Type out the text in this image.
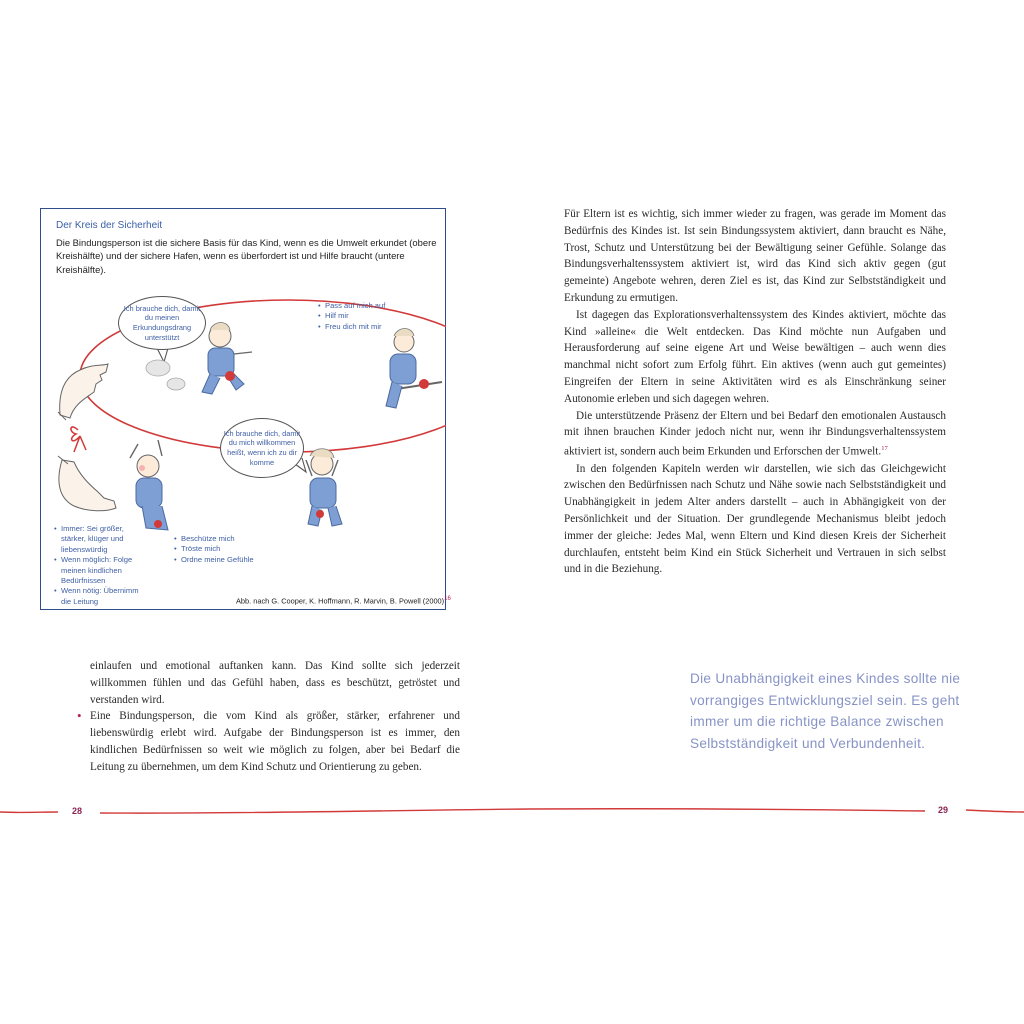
Der Kreis der Sicherheit
Die Bindungsperson ist die sichere Basis für das Kind, wenn es die Umwelt erkundet (obere Kreishälfte) und der sichere Hafen, wenn es überfordert ist und Hilfe braucht (untere Kreishälfte).
Ich brauche dich, damit du meinen Erkundungsdrang unterstützt
Ich brauche dich, damit du mich willkommen heißt, wenn ich zu dir komme
• Pass auf mich auf
• Hilf mir
• Freu dich mit mir
• Immer: Sei größer, stärker, klüger und liebenswürdig
• Wenn möglich: Folge meinen kindlichen Bedürfnissen
• Wenn nötig: Übernimm die Leitung
• Beschütze mich
• Tröste mich
• Ordne meine Gefühle
Abb. nach G. Cooper, K. Hoffmann, R. Marvin, B. Powell $(2000)^{16}$

einlaufen und emotional auftanken kann. Das Kind sollte sich jederzeit willkommen fühlen und das Gefühl haben, dass es beschützt, getröstet und verstanden wird.

• Eine Bindungsperson, die vom Kind als größer, stärker, erfahrener und liebenswürdig erlebt wird. Aufgabe der Bindungsperson ist es immer, den kindlichen Bedürfnissen so weit wie möglich zu folgen, aber bei Bedarf die Leitung zu übernehmen, um dem Kind Schutz und Orientierung zu geben.

Für Eltern ist es wichtig, sich immer wieder zu fragen, was gerade im Moment das Bedürfnis des Kindes ist. Ist sein Bindungssystem aktiviert, dann braucht es Nähe, Trost, Schutz und Unterstützung bei der Bewältigung seiner Gefühle. Solange das Bindungsverhaltenssystem aktiviert ist, wird das Kind sich aktiv gegen (gut gemeinte) Angebote wehren, deren Ziel es ist, das Kind zur Selbstständigkeit und Erkundung zu ermutigen.

Ist dagegen das Explorationsverhaltenssystem des Kindes aktiviert, möchte das Kind »alleine« die Welt entdecken. Das Kind möchte nun Aufgaben und Herausforderung auf seine eigene Art und Weise bewältigen – auch wenn dies manchmal nicht sofort zum Erfolg führt. Ein aktives (wenn auch gut gemeintes) Eingreifen der Eltern in seine Aktivitäten wird es als Einschränkung seiner Autonomie erleben und sich dagegen wehren.

Die unterstützende Präsenz der Eltern und bei Bedarf den emotionalen Austausch mit ihnen brauchen Kinder jedoch nicht nur, wenn ihr Bindungsverhaltenssystem aktiviert ist, sondern auch beim Erkunden und Erforschen der Umwelt.$^{17}$

In den folgenden Kapiteln werden wir darstellen, wie sich das Gleichgewicht zwischen den Bedürfnissen nach Schutz und Nähe sowie nach Selbstständigkeit und Unabhängigkeit in jedem Alter anders darstellt – auch in Abhängigkeit von der Persönlichkeit und der Situation. Der grundlegende Mechanismus bleibt jedoch immer der gleiche: Jedes Mal, wenn Eltern und Kind diesen Kreis der Sicherheit durchlaufen, entsteht beim Kind ein Stück Sicherheit und Vertrauen in sich selbst und in die Beziehung.

Die Unabhängigkeit eines Kindes sollte nie vorrangiges Entwicklungsziel sein. Es geht immer um die richtige Balance zwischen Selbstständigkeit und Verbundenheit.
28	29
